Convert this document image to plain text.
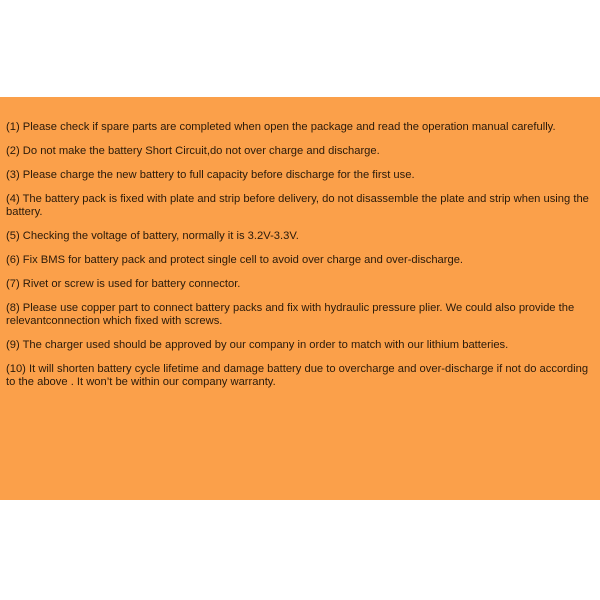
(1) Please check if spare parts are completed when open the package and read the operation manual carefully.

(2) Do not make the battery Short Circuit,do not over charge and discharge.

(3) Please charge the new battery to full capacity before discharge for the first use.

(4) The battery pack is fixed with plate and strip before delivery, do not disassemble the plate and strip when using the battery.

(5) Checking the voltage of battery, normally it is 3.2V-3.3V.

(6) Fix BMS for battery pack and protect single cell to avoid over charge and over-discharge.

(7) Rivet or screw is used for battery connector.

(8) Please use copper part to connect battery packs and fix with hydraulic pressure plier. We could also provide the relevantconnection which fixed with screws.

(9) The charger used should be approved by our company in order to match with our lithium batteries.

(10) It will shorten battery cycle lifetime and damage battery due to overcharge and over-discharge if not do according to the above . It won’t be within our company warranty.
